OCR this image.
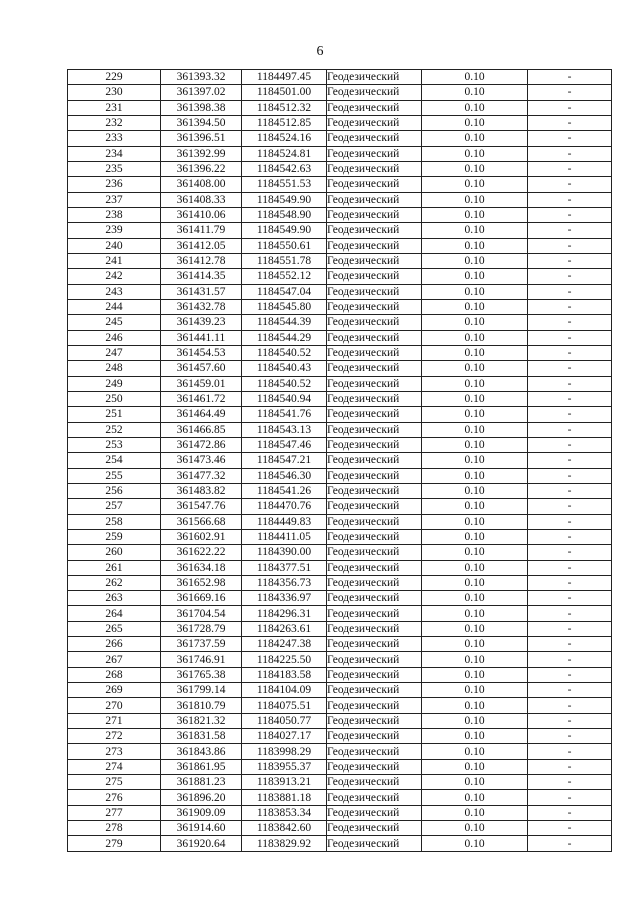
6
229	361393.32	1184497.45	Геодезический	0.10	-
230	361397.02	1184501.00	Геодезический	0.10	-
231	361398.38	1184512.32	Геодезический	0.10	-
232	361394.50	1184512.85	Геодезический	0.10	-
233	361396.51	1184524.16	Геодезический	0.10	-
234	361392.99	1184524.81	Геодезический	0.10	-
235	361396.22	1184542.63	Геодезический	0.10	-
236	361408.00	1184551.53	Геодезический	0.10	-
237	361408.33	1184549.90	Геодезический	0.10	-
238	361410.06	1184548.90	Геодезический	0.10	-
239	361411.79	1184549.90	Геодезический	0.10	-
240	361412.05	1184550.61	Геодезический	0.10	-
241	361412.78	1184551.78	Геодезический	0.10	-
242	361414.35	1184552.12	Геодезический	0.10	-
243	361431.57	1184547.04	Геодезический	0.10	-
244	361432.78	1184545.80	Геодезический	0.10	-
245	361439.23	1184544.39	Геодезический	0.10	-
246	361441.11	1184544.29	Геодезический	0.10	-
247	361454.53	1184540.52	Геодезический	0.10	-
248	361457.60	1184540.43	Геодезический	0.10	-
249	361459.01	1184540.52	Геодезический	0.10	-
250	361461.72	1184540.94	Геодезический	0.10	-
251	361464.49	1184541.76	Геодезический	0.10	-
252	361466.85	1184543.13	Геодезический	0.10	-
253	361472.86	1184547.46	Геодезический	0.10	-
254	361473.46	1184547.21	Геодезический	0.10	-
255	361477.32	1184546.30	Геодезический	0.10	-
256	361483.82	1184541.26	Геодезический	0.10	-
257	361547.76	1184470.76	Геодезический	0.10	-
258	361566.68	1184449.83	Геодезический	0.10	-
259	361602.91	1184411.05	Геодезический	0.10	-
260	361622.22	1184390.00	Геодезический	0.10	-
261	361634.18	1184377.51	Геодезический	0.10	-
262	361652.98	1184356.73	Геодезический	0.10	-
263	361669.16	1184336.97	Геодезический	0.10	-
264	361704.54	1184296.31	Геодезический	0.10	-
265	361728.79	1184263.61	Геодезический	0.10	-
266	361737.59	1184247.38	Геодезический	0.10	-
267	361746.91	1184225.50	Геодезический	0.10	-
268	361765.38	1184183.58	Геодезический	0.10	-
269	361799.14	1184104.09	Геодезический	0.10	-
270	361810.79	1184075.51	Геодезический	0.10	-
271	361821.32	1184050.77	Геодезический	0.10	-
272	361831.58	1184027.17	Геодезический	0.10	-
273	361843.86	1183998.29	Геодезический	0.10	-
274	361861.95	1183955.37	Геодезический	0.10	-
275	361881.23	1183913.21	Геодезический	0.10	-
276	361896.20	1183881.18	Геодезический	0.10	-
277	361909.09	1183853.34	Геодезический	0.10	-
278	361914.60	1183842.60	Геодезический	0.10	-
279	361920.64	1183829.92	Геодезический	0.10	-
